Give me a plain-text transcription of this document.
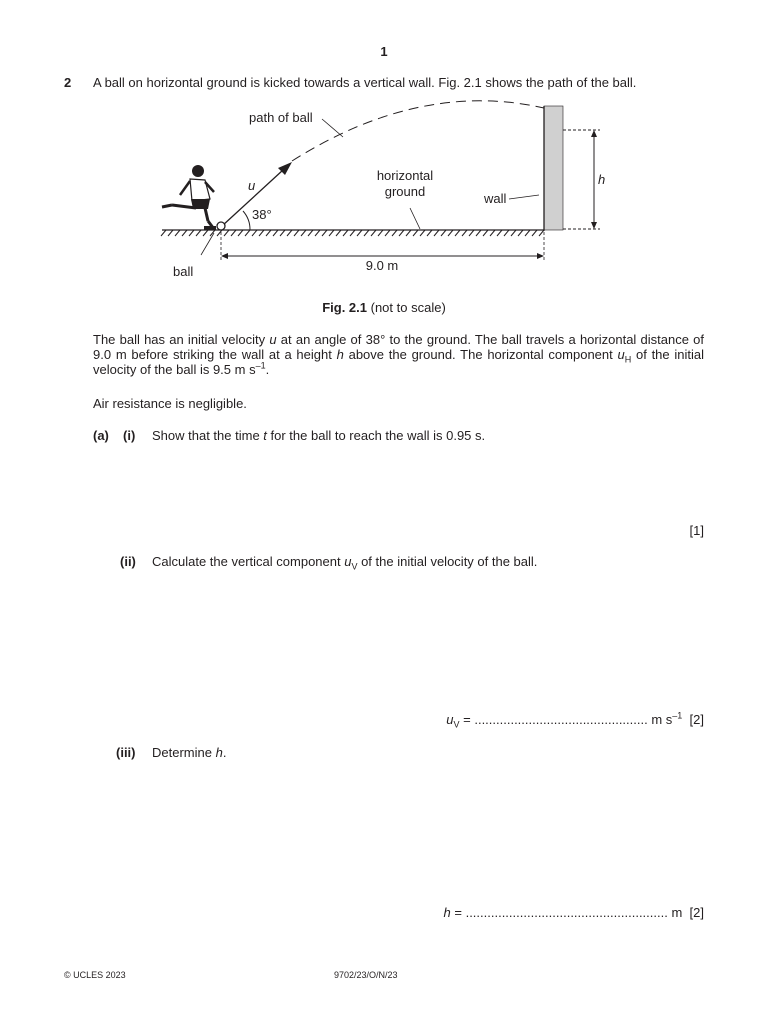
1
2 A ball on horizontal ground is kicked towards a vertical wall. Fig. 2.1 shows the path of the ball.
path of ball
u
38°
horizontal
ground	wall
h
ball	9.0 m
Fig. 2.1 (not to scale)
The ball has an initial velocity u at an angle of 38° to the ground. The ball travels a horizontal distance of 9.0 m before striking the wall at a height h above the ground. The horizontal component $u_H$ of the initial velocity of the ball is 9.5 m $s^{-1}$.
Air resistance is negligible.
(a) (i) Show that the time t for the ball to reach the wall is 0.95 s.
[1]
(ii) Calculate the vertical component $u_V$ of the initial velocity of the ball.
$u_V$ = ................................................ m $s^{-1}$ [2]
(iii) Determine h.
h = ........................................................ m [2]
© UCLES 2023	9702/23/O/N/23
